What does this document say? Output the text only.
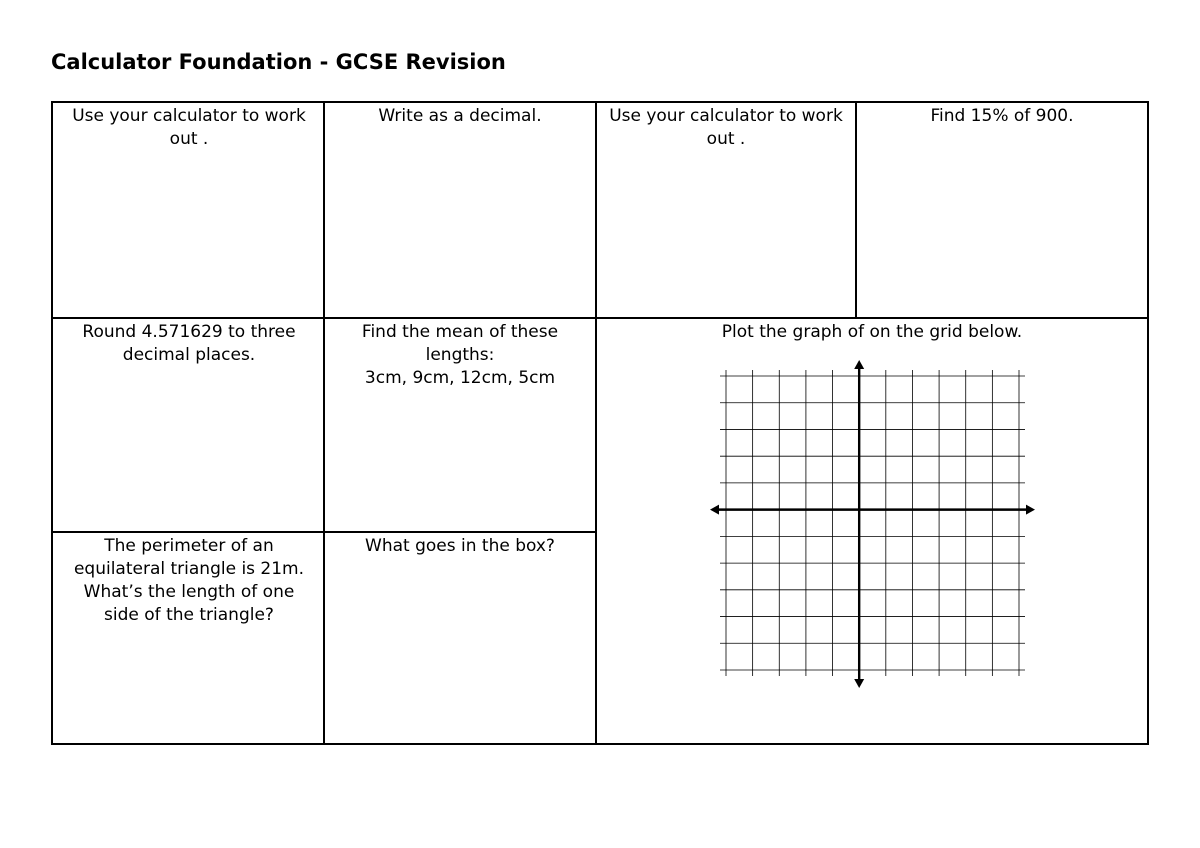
Calculator Foundation - GCSE Revision
Use your calculator to work out .
Write as a decimal.	Use your calculator to work out .
Find 15% of 900.
Round 4.571629 to three decimal places.
Find the mean of these lengths:
3cm, 9cm, 12cm, 5cm
Plot the graph of on the grid below.
The perimeter of an equilateral triangle is 21m. What’s the length of one side of the triangle?
What goes in the box?
